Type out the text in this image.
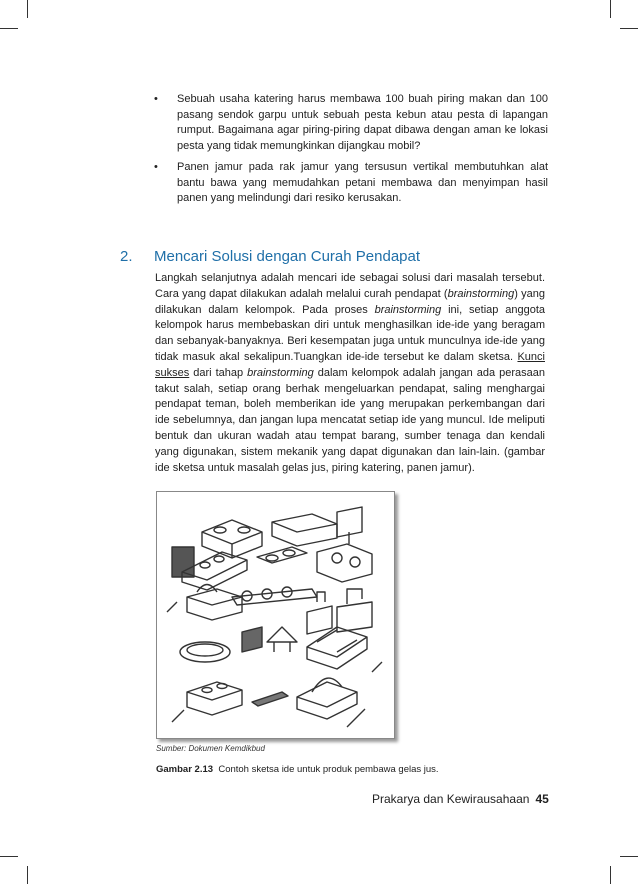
• Sebuah usaha katering harus membawa 100 buah piring makan dan 100 pasang sendok garpu untuk sebuah pesta kebun atau pesta di lapangan rumput. Bagaimana agar piring-piring dapat dibawa dengan aman ke lokasi pesta yang tidak memungkinkan dijangkau mobil?
• Panen jamur pada rak jamur yang tersusun vertikal membutuhkan alat bantu bawa yang memudahkan petani membawa dan menyimpan hasil panen yang melindungi dari resiko kerusakan.
2. Mencari Solusi dengan Curah Pendapat
Langkah selanjutnya adalah mencari ide sebagai solusi dari masalah tersebut. Cara yang dapat dilakukan adalah melalui curah pendapat (brainstorming) yang dilakukan dalam kelompok. Pada proses brainstorming ini, setiap anggota kelompok harus membebaskan diri untuk menghasilkan ide-ide yang beragam dan sebanyak-banyaknya. Beri kesempatan juga untuk munculnya ide-ide yang tidak masuk akal sekalipun.Tuangkan ide-ide tersebut ke dalam sketsa. Kunci sukses dari tahap brainstorming dalam kelompok adalah jangan ada perasaan takut salah, setiap orang berhak mengeluarkan pendapat, saling menghargai pendapat teman, boleh memberikan ide yang merupakan perkembangan dari ide sebelumnya, dan jangan lupa mencatat setiap ide yang muncul. Ide meliputi bentuk dan ukuran wadah atau tempat barang, sumber tenaga dan kendali yang digunakan, sistem mekanik yang dapat digunakan dan lain-lain. (gambar ide sketsa untuk masalah gelas jus, piring katering, panen jamur).
Sumber: Dokumen Kemdikbud
Gambar 2.13 Contoh sketsa ide untuk produk pembawa gelas jus.
Prakarya dan Kewirausahaan 45
